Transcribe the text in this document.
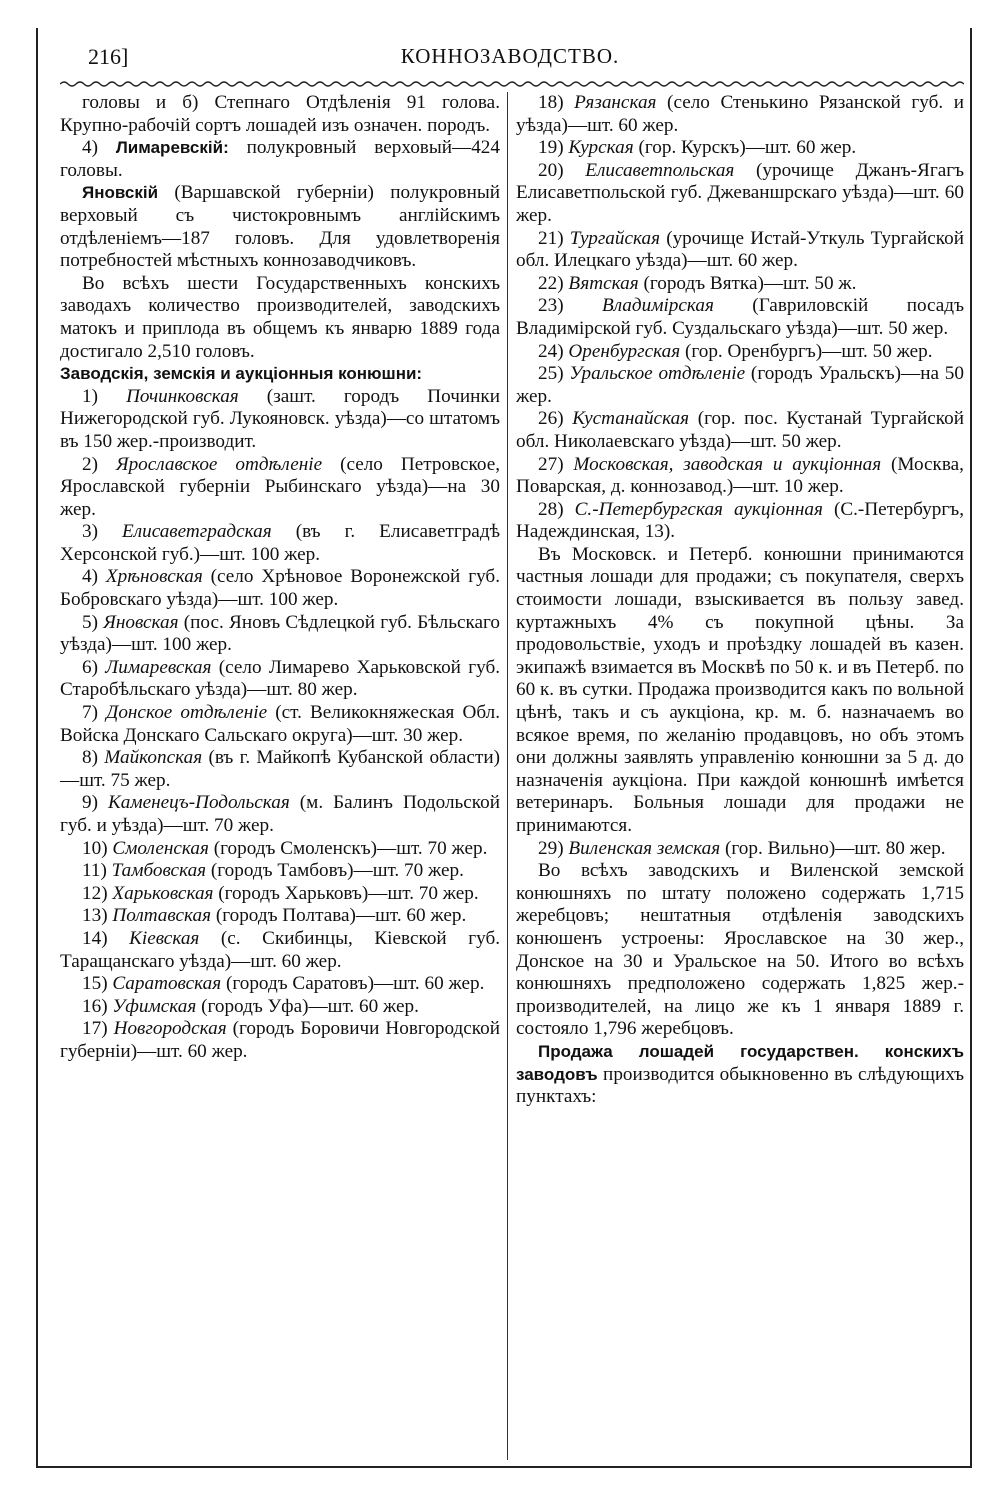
216]	КОННОЗАВОДСТВО.

головы и б) Степнаго Отдѣленія 91 голова. Крупно-рабочій сортъ лошадей изъ означен. породъ.

4) Лимаревскій: полукровный верховый—424 головы.

Яновскій (Варшавской губерніи) полукровный верховый съ чистокровнымъ англійскимъ отдѣленіемъ—187 головъ. Для удовлетворенія потребностей мѣстныхъ коннозаводчиковъ.

Во всѣхъ шести Государственныхъ конскихъ заводахъ количество производителей, заводскихъ матокъ и приплода въ общемъ къ январю 1889 года достигало 2,510 головъ.

Заводскія, земскія и аукціонныя конюшни:

1) Починковская (зашт. городъ Починки Нижегородской губ. Лукояновск. уѣзда)—со штатомъ въ 150 жер.-производит.

2) Ярославское отдѣленіе (село Петровское, Ярославской губерніи Рыбинскаго уѣзда)—на 30 жер.

3) Елисаветградская (въ г. Елисаветградѣ Херсонской губ.)—шт. 100 жер.

4) Хрѣновская (село Хрѣновое Воронежской губ. Бобровскаго уѣзда)—шт. 100 жер.

5) Яновская (пос. Яновъ Сѣдлецкой губ. Бѣльскаго уѣзда)—шт. 100 жер.

6) Лимаревская (село Лимарево Харьковской губ. Старобѣльскаго уѣзда)—шт. 80 жер.

7) Донское отдѣленіе (ст. Великокняжеская Обл. Войска Донскаго Сальскаго округа)—шт. 30 жер.

8) Майкопская (въ г. Майкопѣ Кубанской области)—шт. 75 жер.

9) Каменецъ-Подольская (м. Балинъ Подольской губ. и уѣзда)—шт. 70 жер.

10) Смоленская (городъ Смоленскъ)—шт. 70 жер.

11) Тамбовская (городъ Тамбовъ)—шт. 70 жер.

12) Харьковская (городъ Харьковъ)—шт. 70 жер.

13) Полтавская (городъ Полтава)—шт. 60 жер.

14) Кіевская (с. Скибинцы, Кіевской губ. Таращанскаго уѣзда)—шт. 60 жер.

15) Саратовская (городъ Саратовъ)—шт. 60 жер.

16) Уфимская (городъ Уфа)—шт. 60 жер.

17) Новгородская (городъ Боровичи Новгородской губерніи)—шт. 60 жер.

18) Рязанская (село Стенькино Рязанской губ. и уѣзда)—шт. 60 жер.

19) Курская (гор. Курскъ)—шт. 60 жер.

20) Елисаветпольская (урочище Джанъ-Ягагъ Елисаветпольской губ. Джеваншрскаго уѣзда)—шт. 60 жер.

21) Тургайская (урочище Истай-Уткуль Тургайской обл. Илецкаго уѣзда)—шт. 60 жер.

22) Вятская (городъ Вятка)—шт. 50 ж.

23) Владимірская (Гавриловскій посадъ Владимірской губ. Суздальскаго уѣзда)—шт. 50 жер.

24) Оренбургская (гор. Оренбургъ)—шт. 50 жер.

25) Уральское отдѣленіе (городъ Уральскъ)—на 50 жер.

26) Кустанайская (гор. пос. Кустанай Тургайской обл. Николаевскаго уѣзда)—шт. 50 жер.

27) Московская, заводская и аукціонная (Москва, Поварская, д. коннозавод.)—шт. 10 жер.

28) С.-Петербургская аукціонная (С.-Петербургъ, Надеждинская, 13).

Въ Московск. и Петерб. конюшни принимаются частныя лошади для продажи; съ покупателя, сверхъ стоимости лошади, взыскивается въ пользу завед. куртажныхъ 4% съ покупной цѣны. За продовольствіе, уходъ и проѣздку лошадей въ казен. экипажѣ взимается въ Москвѣ по 50 к. и въ Петерб. по 60 к. въ сутки. Продажа производится какъ по вольной цѣнѣ, такъ и съ аукціона, кр. м. б. назначаемъ во всякое время, по желанію продавцовъ, но объ этомъ они должны заявлять управленію конюшни за 5 д. до назначенія аукціона. При каждой конюшнѣ имѣется ветеринаръ. Больныя лошади для продажи не принимаются.

29) Виленская земская (гор. Вильно)—шт. 80 жер.

Во всѣхъ заводскихъ и Виленской земской конюшняхъ по штату положено содержать 1,715 жеребцовъ; нештатныя отдѣленія заводскихъ конюшенъ устроены: Ярославское на 30 жер., Донское на 30 и Уральское на 50. Итого во всѣхъ конюшняхъ предположено содержать 1,825 жер.-производителей, на лицо же къ 1 января 1889 г. состояло 1,796 жеребцовъ.

Продажа лошадей государствен. конскихъ заводовъ производится обыкновенно въ слѣдующихъ пунктахъ:
